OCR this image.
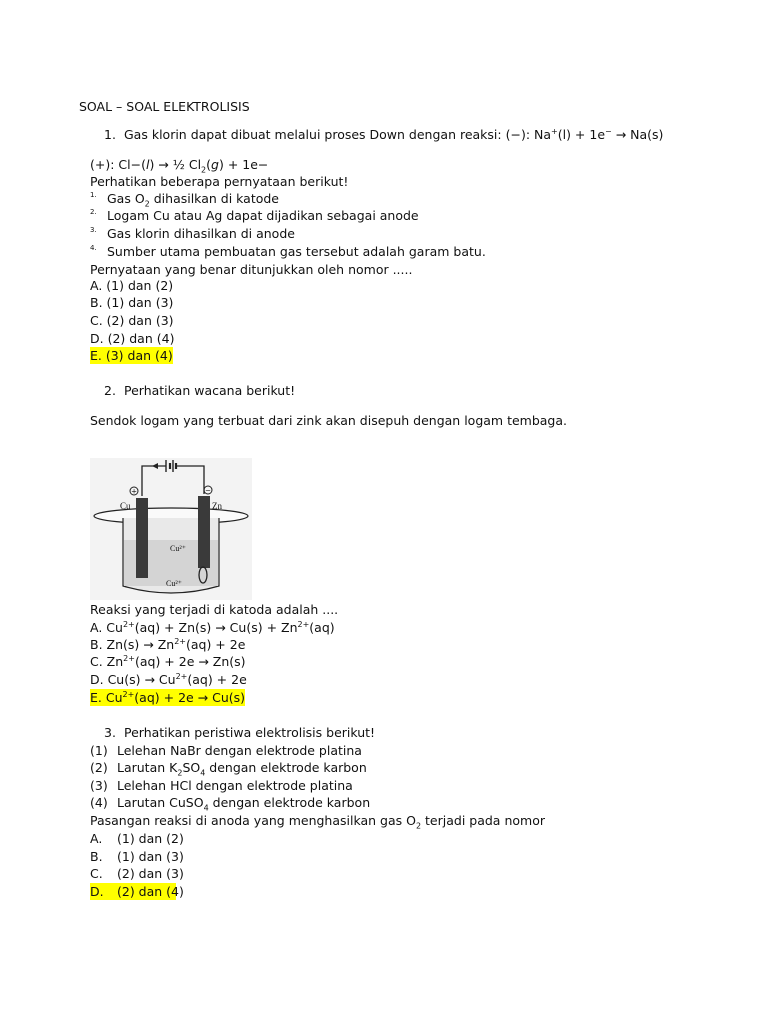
SOAL – SOAL ELEKTROLISIS
1. Gas klorin dapat dibuat melalui proses Down dengan reaksi: (−): Na+(l) + 1e− → Na(s)
(+): Cl−(l) → ½ $Cl_2(g) + 1e-$
Perhatikan beberapa pernyataan berikut!
1. Gas $O_2$ dihasilkan di katode
2. Logam Cu atau Ag dapat dijadikan sebagai anode
3. Gas klorin dihasilkan di anode
4. Sumber utama pembuatan gas tersebut adalah garam batu.
Pernyataan yang benar ditunjukkan oleh nomor .....
A. (1) dan (2)
B. (1) dan (3)
C. (2) dan (3)
D. (2) dan (4)
E. (3) dan (4)
2. Perhatikan wacana berikut!
Sendok logam yang terbuat dari zink akan disepuh dengan logam tembaga.
+	−
Cu	Zn
Cu²⁺
Cu²⁺
Reaksi yang terjadi di katoda adalah ....
A. $Cu^{2+}(aq) + Zn(s) \to Cu(s) + Zn^{2+}(aq)$
B. $Zn(s) \to Zn^{2+}(aq) + 2e$
C. $Zn^{2+}(aq) + 2e \to Zn(s)$
D. $Cu(s) \to Cu^{2+}(aq) + 2e$
E. $Cu^{2+}(aq) + 2e \to Cu(s)$
3. Perhatikan peristiwa elektrolisis berikut!
(1) Lelehan NaBr dengan elektrode platina
(2) Larutan $K_2SO_4$ dengan elektrode karbon
(3) Lelehan HCl dengan elektrode platina
(4) Larutan CuSO$_4$ dengan elektrode karbon
Pasangan reaksi di anoda yang menghasilkan gas $O_2$ terjadi pada nomor
A. (1) dan (2)
B. (1) dan (3)
C. (2) dan (3)
D. (2) dan (4)
